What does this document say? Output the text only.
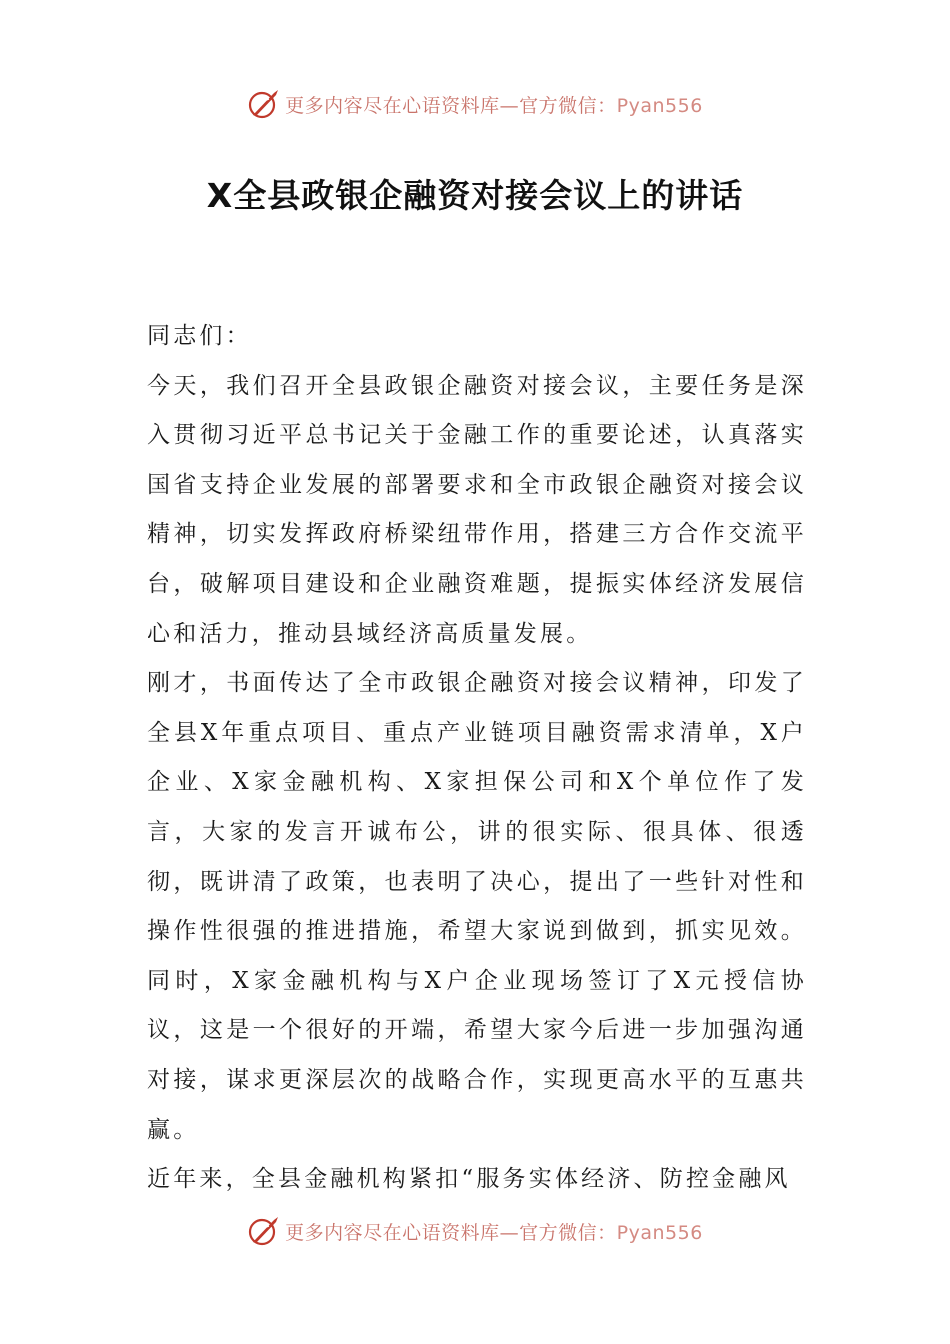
更多内容尽在心语资料库—官方微信：Pyan556
X全县政银企融资对接会议上的讲话

同志们：

今天，我们召开全县政银企融资对接会议，主要任务是深入贯彻习近平总书记关于金融工作的重要论述，认真落实国省支持企业发展的部署要求和全市政银企融资对接会议精神，切实发挥政府桥梁纽带作用，搭建三方合作交流平台，破解项目建设和企业融资难题，提振实体经济发展信心和活力，推动县域经济高质量发展。

刚才，书面传达了全市政银企融资对接会议精神，印发了全县X年重点项目、重点产业链项目融资需求清单，X户企业、X家金融机构、X家担保公司和X个单位作了发言，大家的发言开诚布公，讲的很实际、很具体、很透彻，既讲清了政策，也表明了决心，提出了一些针对性和操作性很强的推进措施，希望大家说到做到，抓实见效。同时，X家金融机构与X户企业现场签订了X元授信协议，这是一个很好的开端，希望大家今后进一步加强沟通对接，谋求更深层次的战略合作，实现更高水平的互惠共赢。

近年来，全县金融机构紧扣“服务实体经济、防控金融风

更多内容尽在心语资料库—官方微信：Pyan556
